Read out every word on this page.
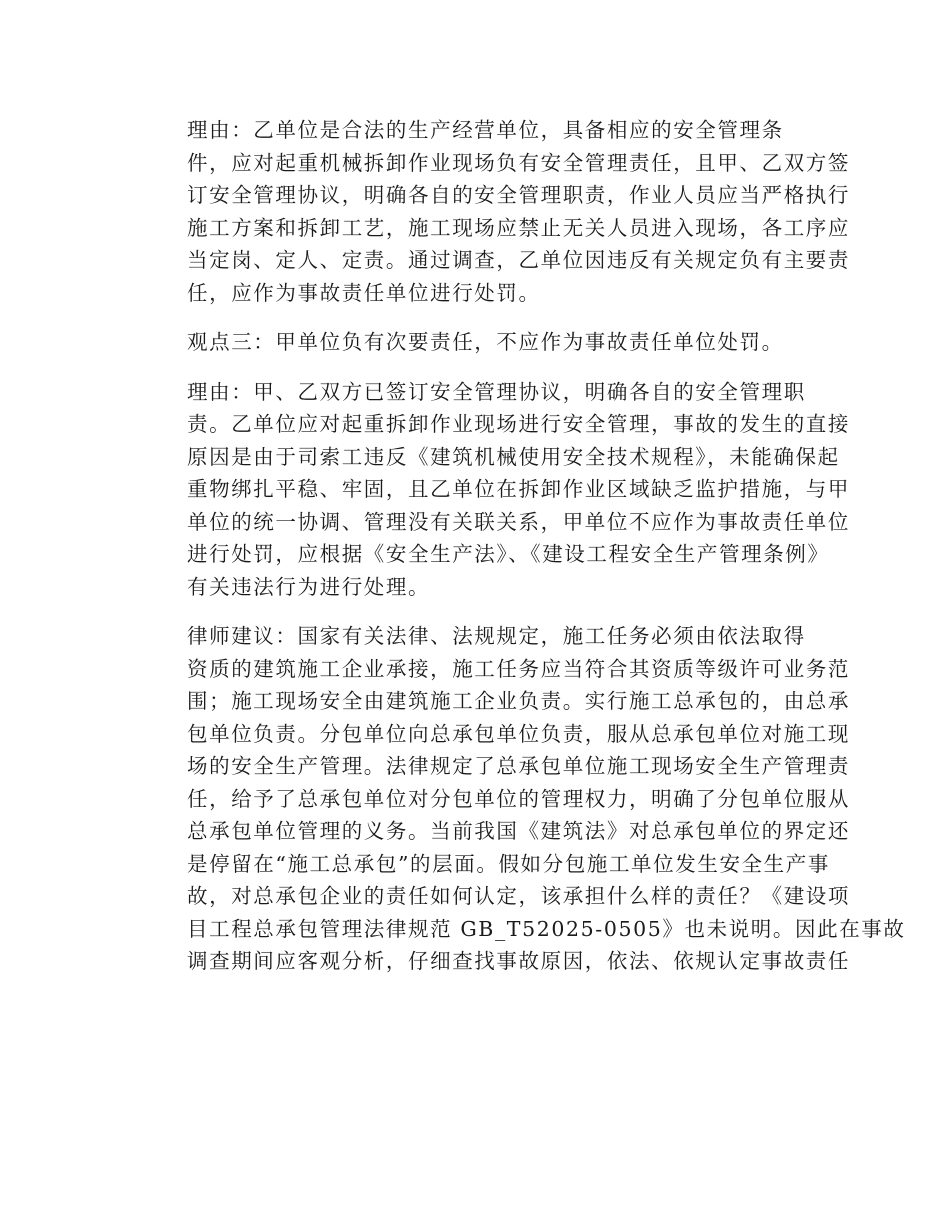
理由：乙单位是合法的生产经营单位，具备相应的安全管理条
件，应对起重机械拆卸作业现场负有安全管理责任，且甲、乙双方签
订安全管理协议，明确各自的安全管理职责，作业人员应当严格执行
施工方案和拆卸工艺，施工现场应禁止无关人员进入现场，各工序应
当定岗、定人、定责。通过调查，乙单位因违反有关规定负有主要责
任，应作为事故责任单位进行处罚。

观点三：甲单位负有次要责任，不应作为事故责任单位处罚。

理由：甲、乙双方已签订安全管理协议，明确各自的安全管理职
责。乙单位应对起重拆卸作业现场进行安全管理，事故的发生的直接
原因是由于司索工违反《建筑机械使用安全技术规程》，未能确保起
重物绑扎平稳、牢固，且乙单位在拆卸作业区域缺乏监护措施，与甲
单位的统一协调、管理没有关联关系，甲单位不应作为事故责任单位
进行处罚，应根据《安全生产法》、《建设工程安全生产管理条例》
有关违法行为进行处理。

律师建议：国家有关法律、法规规定，施工任务必须由依法取得
资质的建筑施工企业承接，施工任务应当符合其资质等级许可业务范
围；施工现场安全由建筑施工企业负责。实行施工总承包的，由总承
包单位负责。分包单位向总承包单位负责，服从总承包单位对施工现
场的安全生产管理。法律规定了总承包单位施工现场安全生产管理责
任，给予了总承包单位对分包单位的管理权力，明确了分包单位服从
总承包单位管理的义务。当前我国《建筑法》对总承包单位的界定还
是停留在“施工总承包”的层面。假如分包施工单位发生安全生产事
故，对总承包企业的责任如何认定，该承担什么样的责任？《建设项
目工程总承包管理法律规范 GB_T52025-0505》也未说明。因此在事故
调查期间应客观分析，仔细查找事故原因，依法、依规认定事故责任
